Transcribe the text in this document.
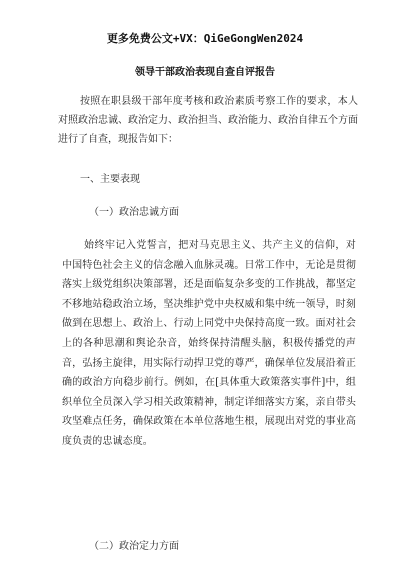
更多免费公文+VX：QiGeGongWen2024
领导干部政治表现自查自评报告
按照在职县级干部年度考核和政治素质考察工作的要求，本人对照政治忠诚、政治定力、政治担当、政治能力、政治自律五个方面进行了自查，现报告如下：
一、主要表现
（一）政治忠诚方面
始终牢记入党誓言，把对马克思主义、共产主义的信仰，对中国特色社会主义的信念融入血脉灵魂。日常工作中，无论是贯彻落实上级党组织决策部署，还是面临复杂多变的工作挑战，都坚定不移地站稳政治立场，坚决维护党中央权威和集中统一领导，时刻做到在思想上、政治上、行动上同党中央保持高度一致。面对社会上的各种思潮和舆论杂音，始终保持清醒头脑，积极传播党的声音，弘扬主旋律，用实际行动捍卫党的尊严，确保单位发展沿着正确的政治方向稳步前行。例如，在[具体重大政策落实事件]中，组织单位全员深入学习相关政策精神，制定详细落实方案，亲自带头攻坚难点任务，确保政策在本单位落地生根，展现出对党的事业高度负责的忠诚态度。
（二）政治定力方面
